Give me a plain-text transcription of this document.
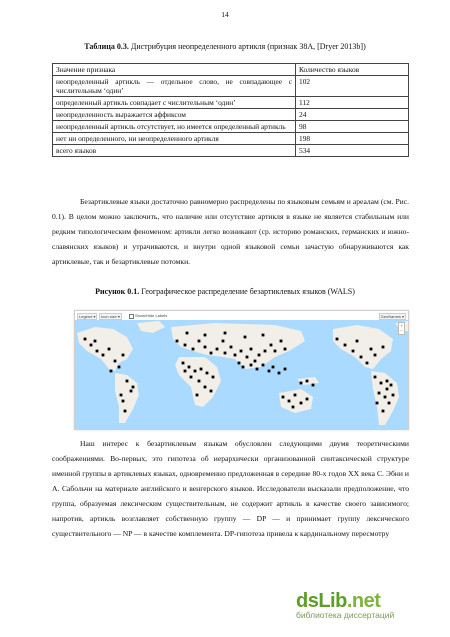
14
Таблица 0.3. Дистрибуция неопределенного артикля (признак 38A, [Dryer 2013b])
Значение признака	Количество языков
неопределенный артикль — отдельное слово, не совпадающее с числительным ‘один’	102
определенный артикль совпадает с числительным ‘один’	112
неопределенность выражается аффиксом	24
неопределенный артикль отсутствует, но имеется определенный артикль	98
нет ни определенного, ни неопределенного артикля	198
всего языков	534
Безартиклевые языки достаточно равномерно распределены по языковым семьям и ареалам (см. Рис. 0.1). В целом можно заключить, что наличие или отсутствие артикля в языке не является стабильным или редким типологическим феноменом: артикли легко возникают (ср. историю романских, германских и южно-славянских языков) и утрачиваются, и внутри одной языковой семьи зачастую обнаруживаются как артиклевые, так и безартиклевые потомки.
Рисунок 0.1. Географическое распределение безартиклевых языков (WALS)
Legend ▾	Icon size ▾	Show/Hide Labels	GeoNames ▾
+
−
Наш интерес к безартиклевым языкам обусловлен следующими двумя теоретическими соображениями. Во-первых, это гипотеза об иерархически организованной синтаксической структуре именной группы в артиклевых языках, одновременно предложенная в середине 80-х годов XX века С. Эбни и А. Сабольчи на материале английского и венгерского языков. Исследователи высказали предположение, что группа, образуемая лексическим существительным, не содержит артикль в качестве своего зависимого; напротив, артикль возглавляет собственную группу — DP — и принимает группу лексического существительного — NP — в качестве комплемента. DP-гипотеза привела к кардинальному пересмотру
dsLib.net
библиотека диссертаций
